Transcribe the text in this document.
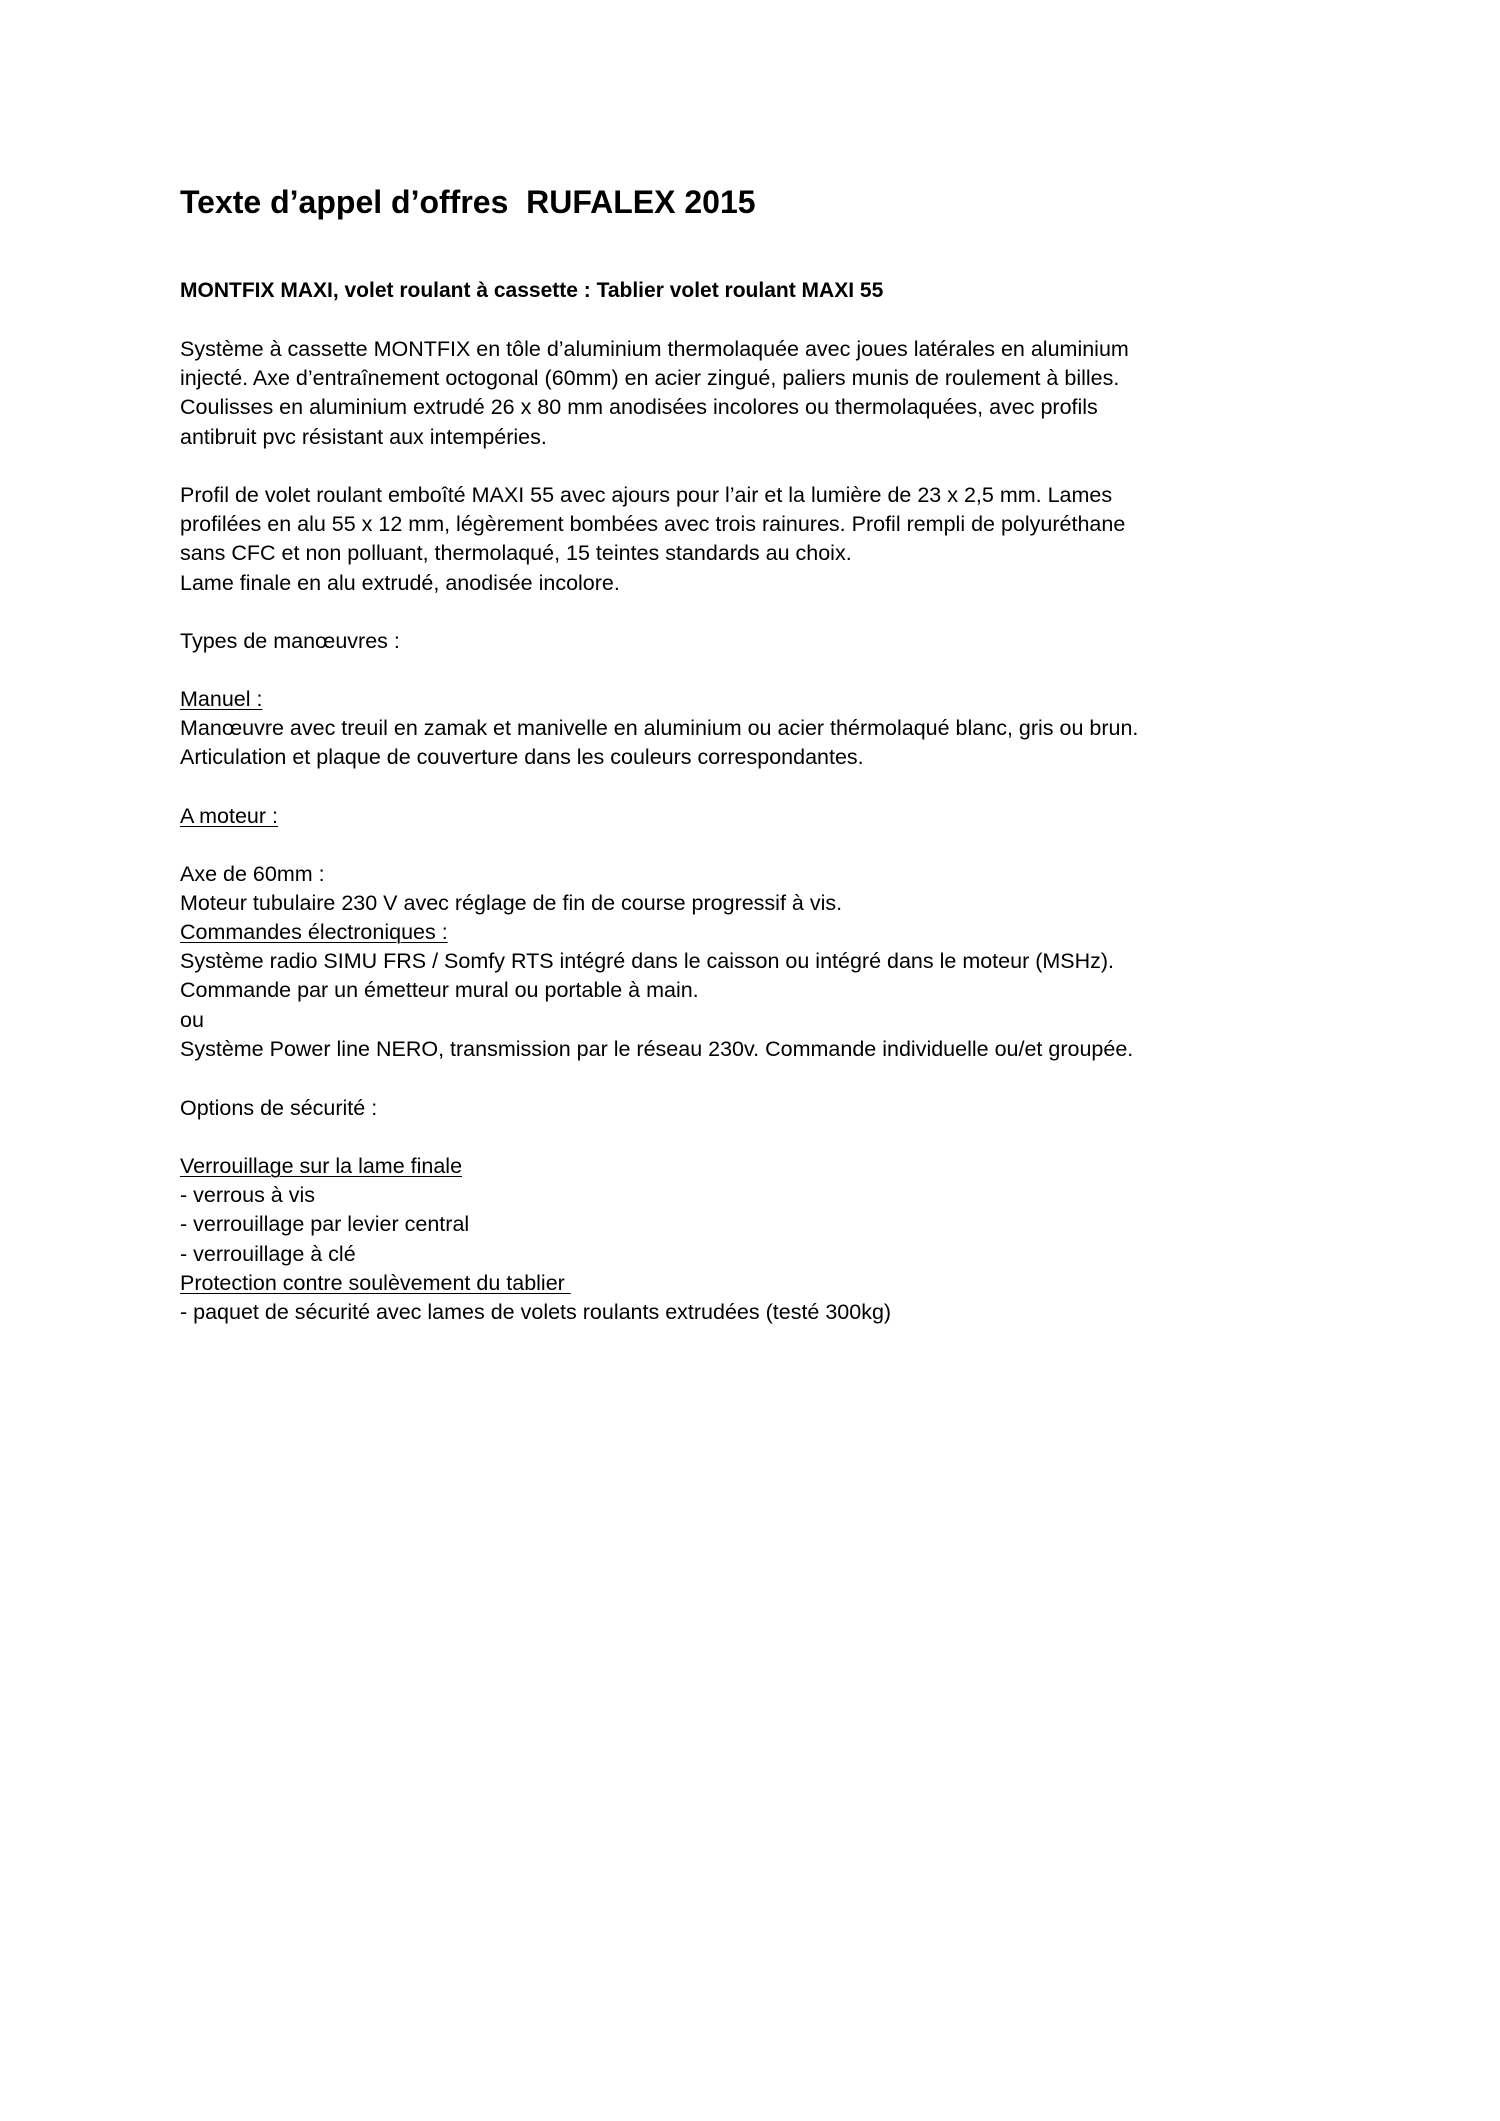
Texte d’appel d’offres  RUFALEX 2015
MONTFIX MAXI, volet roulant à cassette : Tablier volet roulant MAXI 55
Système à cassette MONTFIX en tôle d’aluminium thermolaquée avec joues latérales en aluminium
injecté. Axe d’entraînement octogonal (60mm) en acier zingué, paliers munis de roulement à billes.
Coulisses en aluminium extrudé 26 x 80 mm anodisées incolores ou thermolaquées, avec profils
antibruit pvc résistant aux intempéries.
Profil de volet roulant emboîté MAXI 55 avec ajours pour l’air et la lumière de 23 x 2,5 mm. Lames
profilées en alu 55 x 12 mm, légèrement bombées avec trois rainures. Profil rempli de polyuréthane
sans CFC et non polluant, thermolaqué, 15 teintes standards au choix.
Lame finale en alu extrudé, anodisée incolore.
Types de manœuvres :
Manuel :
Manœuvre avec treuil en zamak et manivelle en aluminium ou acier thérmolaqué blanc, gris ou brun.
Articulation et plaque de couverture dans les couleurs correspondantes.
A moteur :
Axe de 60mm :
Moteur tubulaire 230 V avec réglage de fin de course progressif à vis.
Commandes électroniques :
Système radio SIMU FRS / Somfy RTS intégré dans le caisson ou intégré dans le moteur (MSHz).
Commande par un émetteur mural ou portable à main.
ou
Système Power line NERO, transmission par le réseau 230v. Commande individuelle ou/et groupée.
Options de sécurité :
Verrouillage sur la lame finale
- verrous à vis
- verrouillage par levier central
- verrouillage à clé
Protection contre soulèvement du tablier
- paquet de sécurité avec lames de volets roulants extrudées (testé 300kg)
